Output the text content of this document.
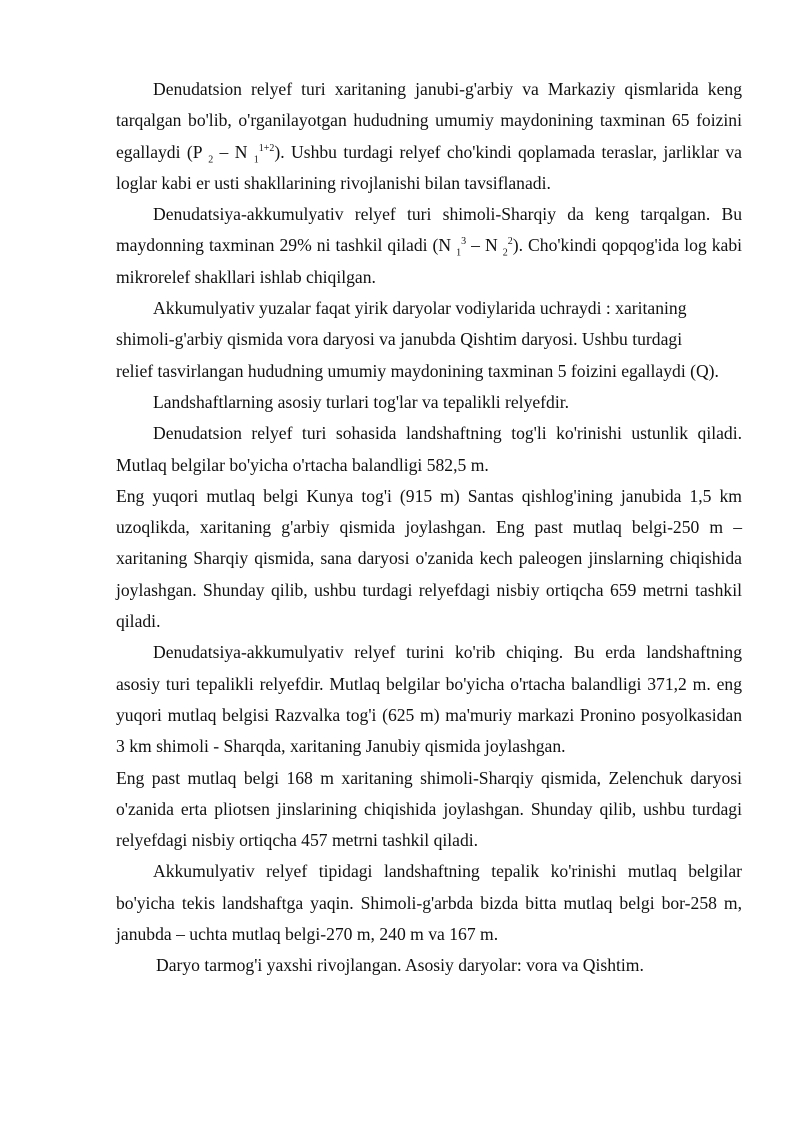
Denudatsion relyef turi xaritaning janubi-g'arbiy va Markaziy qismlarida keng tarqalgan bo'lib, o'rganilayotgan hududning umumiy maydonining taxminan 65 foizini egallaydi (P $_2$ – N $_1^{1+2}$). Ushbu turdagi relyef cho'kindi qoplamada teraslar, jarliklar va loglar kabi er usti shakllarining rivojlanishi bilan tavsiflanadi.

Denudatsiya-akkumulyativ relyef turi shimoli-Sharqiy da keng tarqalgan. Bu maydonning taxminan 29% ni tashkil qiladi (N $_1^3$ – N $_2^2$). Cho'kindi qopqog'ida log kabi mikrorelef shakllari ishlab chiqilgan.

Akkumulyativ yuzalar faqat yirik daryolar vodiylarida uchraydi : xaritaning shimoli-g'arbiy qismida vora daryosi va janubda Qishtim daryosi. Ushbu turdagi

relief tasvirlangan hududning umumiy maydonining taxminan 5 foizini egallaydi (Q).

Landshaftlarning asosiy turlari tog'lar va tepalikli relyefdir.

Denudatsion relyef turi sohasida landshaftning tog'li ko'rinishi ustunlik qiladi. Mutlaq belgilar bo'yicha o'rtacha balandligi 582,5 m.

Eng yuqori mutlaq belgi Kunya tog'i (915 m) Santas qishlog'ining janubida 1,5 km uzoqlikda, xaritaning g'arbiy qismida joylashgan. Eng past mutlaq belgi-250 m – xaritaning Sharqiy qismida, sana daryosi o'zanida kech paleogen jinslarning chiqishida joylashgan. Shunday qilib, ushbu turdagi relyefdagi nisbiy ortiqcha 659 metrni tashkil qiladi.

Denudatsiya-akkumulyativ relyef turini ko'rib chiqing. Bu erda landshaftning asosiy turi tepalikli relyefdir. Mutlaq belgilar bo'yicha o'rtacha balandligi 371,2 m. eng yuqori mutlaq belgisi Razvalka tog'i (625 m) ma'muriy markazi Pronino posyolkasidan 3 km shimoli - Sharqda, xaritaning Janubiy qismida joylashgan.

Eng past mutlaq belgi 168 m xaritaning shimoli-Sharqiy qismida, Zelenchuk daryosi o'zanida erta pliotsen jinslarining chiqishida joylashgan. Shunday qilib, ushbu turdagi relyefdagi nisbiy ortiqcha 457 metrni tashkil qiladi.

Akkumulyativ relyef tipidagi landshaftning tepalik ko'rinishi mutlaq belgilar bo'yicha tekis landshaftga yaqin. Shimoli-g'arbda bizda bitta mutlaq belgi bor-258 m, janubda – uchta mutlaq belgi-270 m, 240 m va 167 m.

Daryo tarmog'i yaxshi rivojlangan. Asosiy daryolar: vora va Qishtim.
